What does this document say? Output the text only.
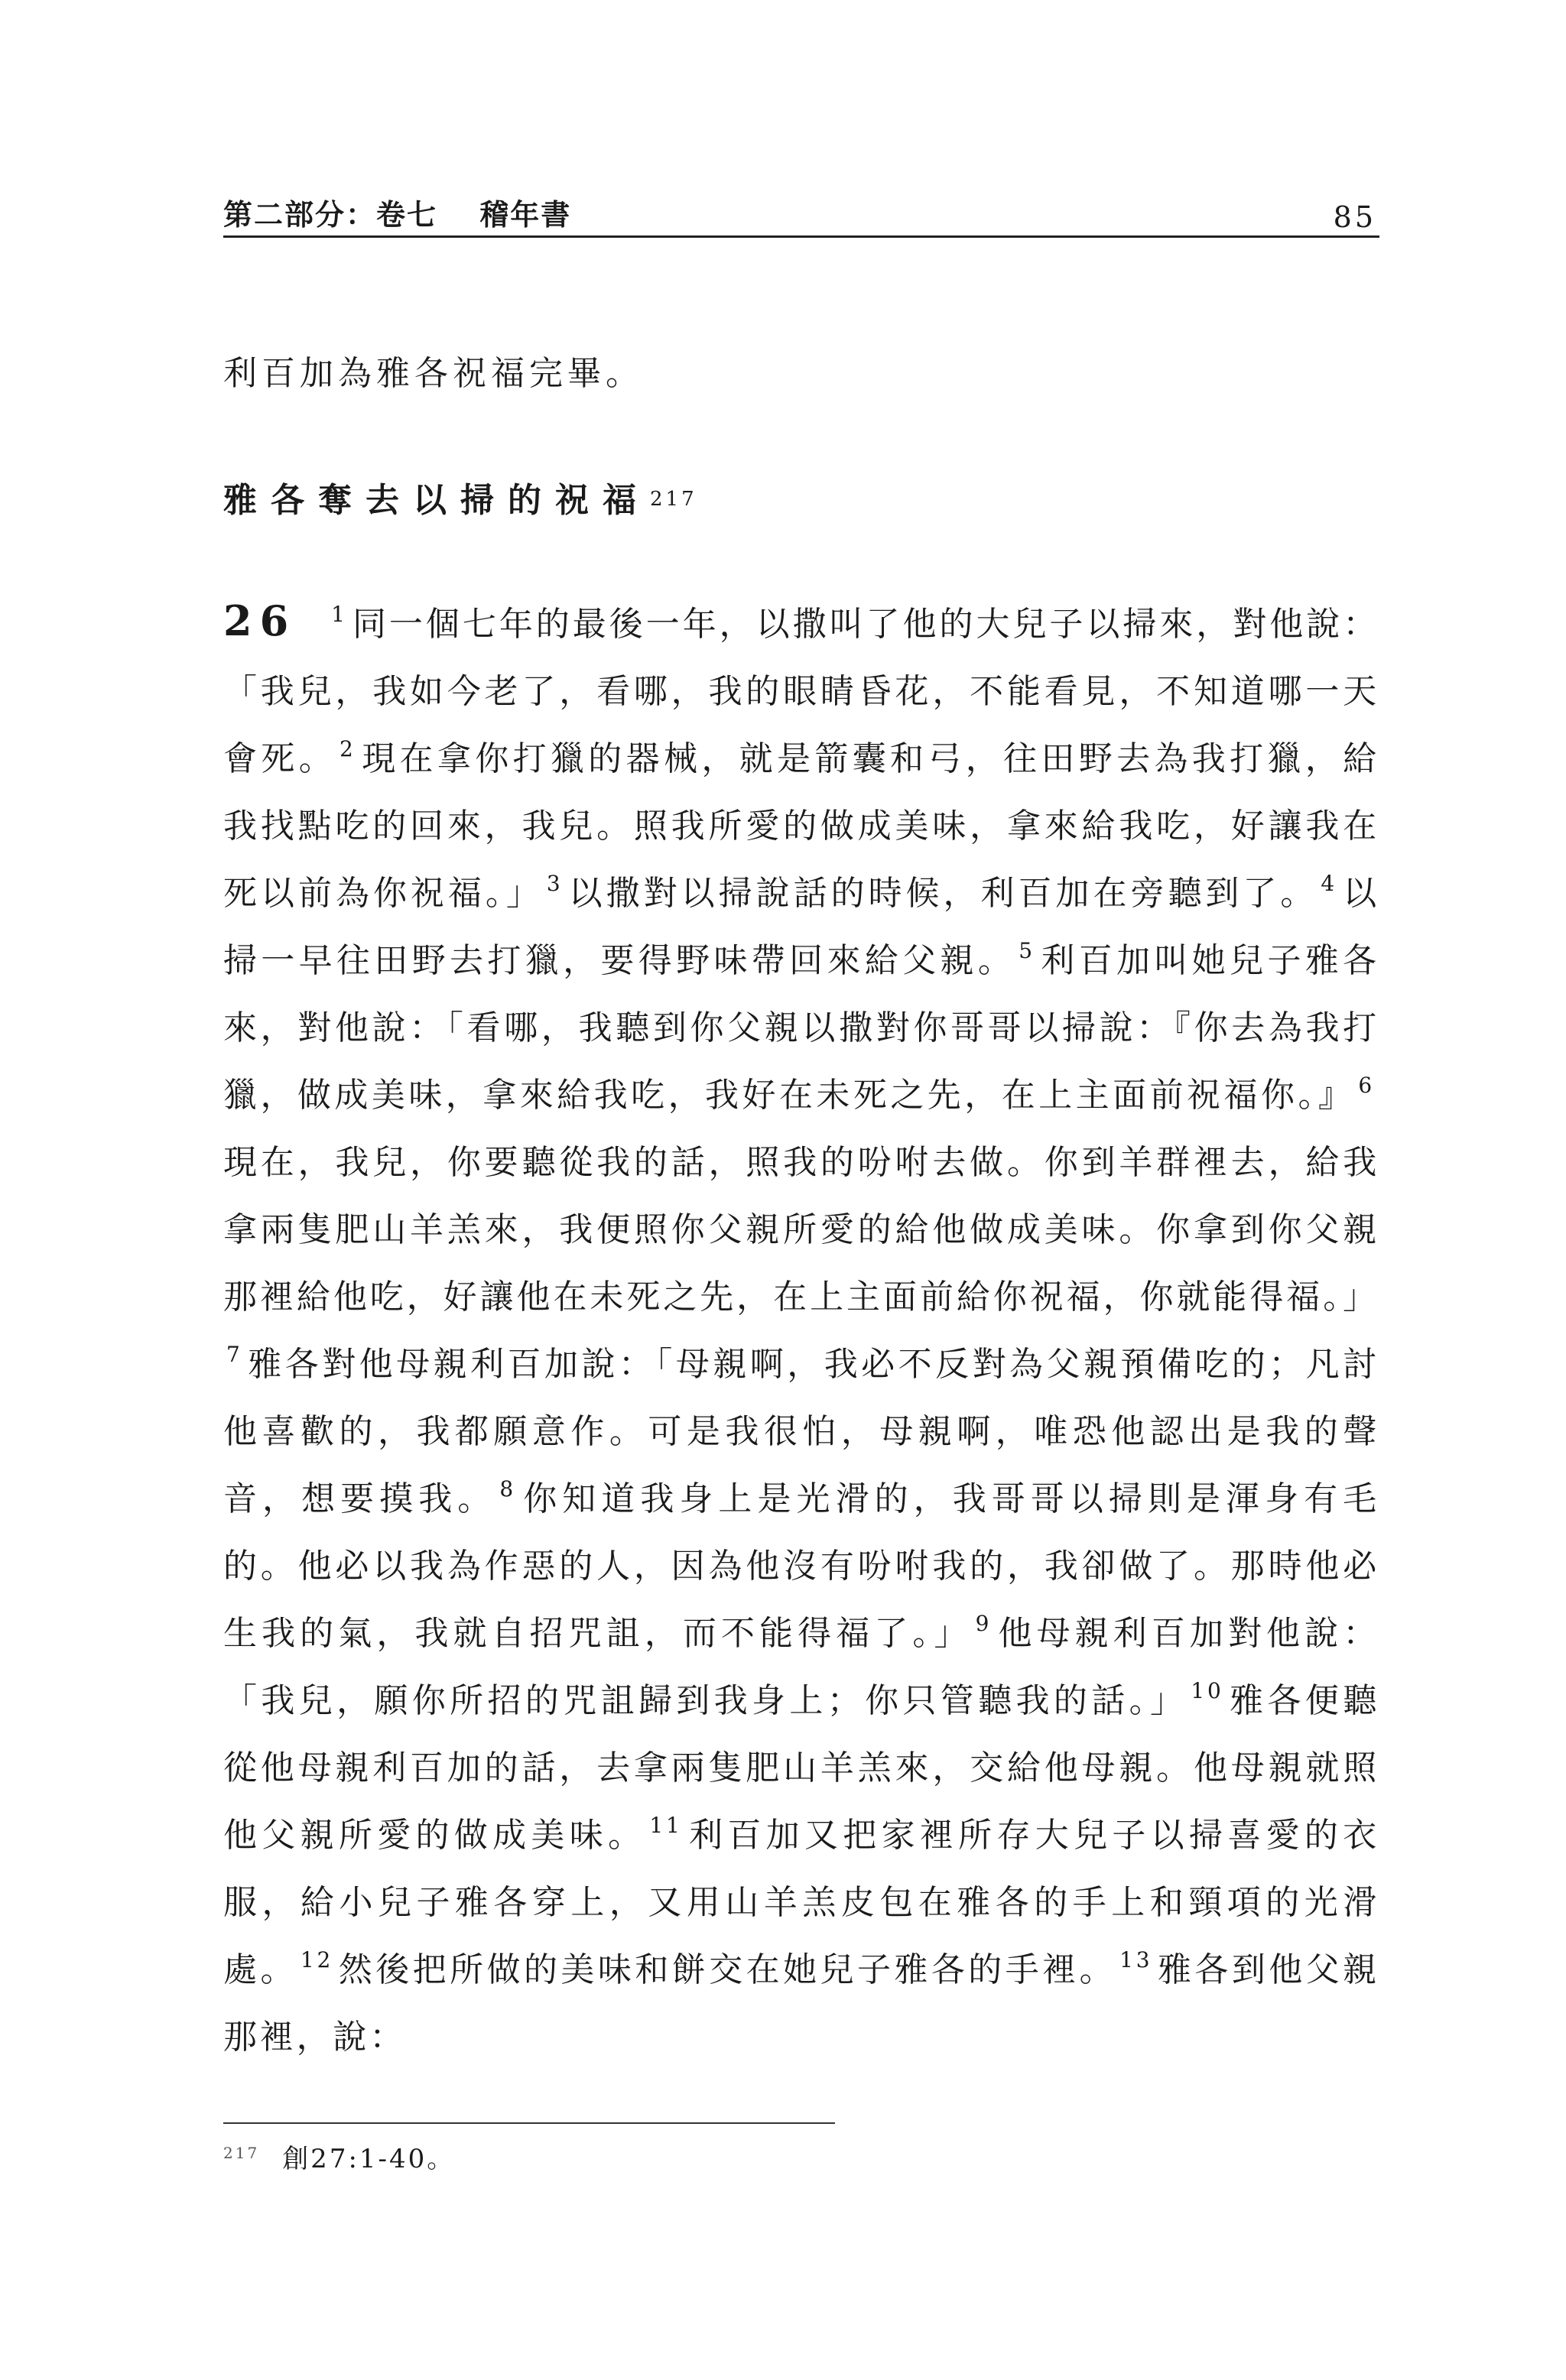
第二部分：卷七　 稽年書	85
利百加為雅各祝福完畢。
雅各奪去以掃的祝福$^{217}$
26 $^1$ 同一個七年的最後一年，以撒叫了他的大兒子以掃來，對他說：「我兒，我如今老了，看哪，我的眼睛昏花，不能看見，不知道哪一天會死。 $^2$ 現在拿你打獵的器械，就是箭囊和弓，往田野去為我打獵，給我找點吃的回來，我兒。照我所愛的做成美味，拿來給我吃，好讓我在死以前為你祝福。」 $^3$ 以撒對以掃說話的時候，利百加在旁聽到了。 $^4$ 以掃一早往田野去打獵，要得野味帶回來給父親。 $^5$ 利百加叫她兒子雅各來，對他說：「看哪，我聽到你父親以撒對你哥哥以掃說：『你去為我打獵，做成美味，拿來給我吃，我好在未死之先，在上主面前祝福你。』 $^6$現在，我兒，你要聽從我的話，照我的吩咐去做。你到羊群裡去，給我拿兩隻肥山羊羔來，我便照你父親所愛的給他做成美味。你拿到你父親那裡給他吃，好讓他在未死之先，在上主面前給你祝福，你就能得福。」$^7$ 雅各對他母親利百加說：「母親啊，我必不反對為父親預備吃的；凡討他喜歡的，我都願意作。可是我很怕，母親啊，唯恐他認出是我的聲音，想要摸我。 $^8$ 你知道我身上是光滑的，我哥哥以掃則是渾身有毛的。他必以我為作惡的人，因為他沒有吩咐我的，我卻做了。那時他必生我的氣，我就自招咒詛，而不能得福了。」 $^9$ 他母親利百加對他說：「我兒，願你所招的咒詛歸到我身上；你只管聽我的話。」 $^{10}$ 雅各便聽從他母親利百加的話，去拿兩隻肥山羊羔來，交給他母親。他母親就照他父親所愛的做成美味。 $^{11}$ 利百加又把家裡所存大兒子以掃喜愛的衣服，給小兒子雅各穿上，又用山羊羔皮包在雅各的手上和頸項的光滑處。 $^{12}$ 然後把所做的美味和餅交在她兒子雅各的手裡。 $^{13}$ 雅各到他父親那裡，說：
$^{217}$ 創27:1-40。
